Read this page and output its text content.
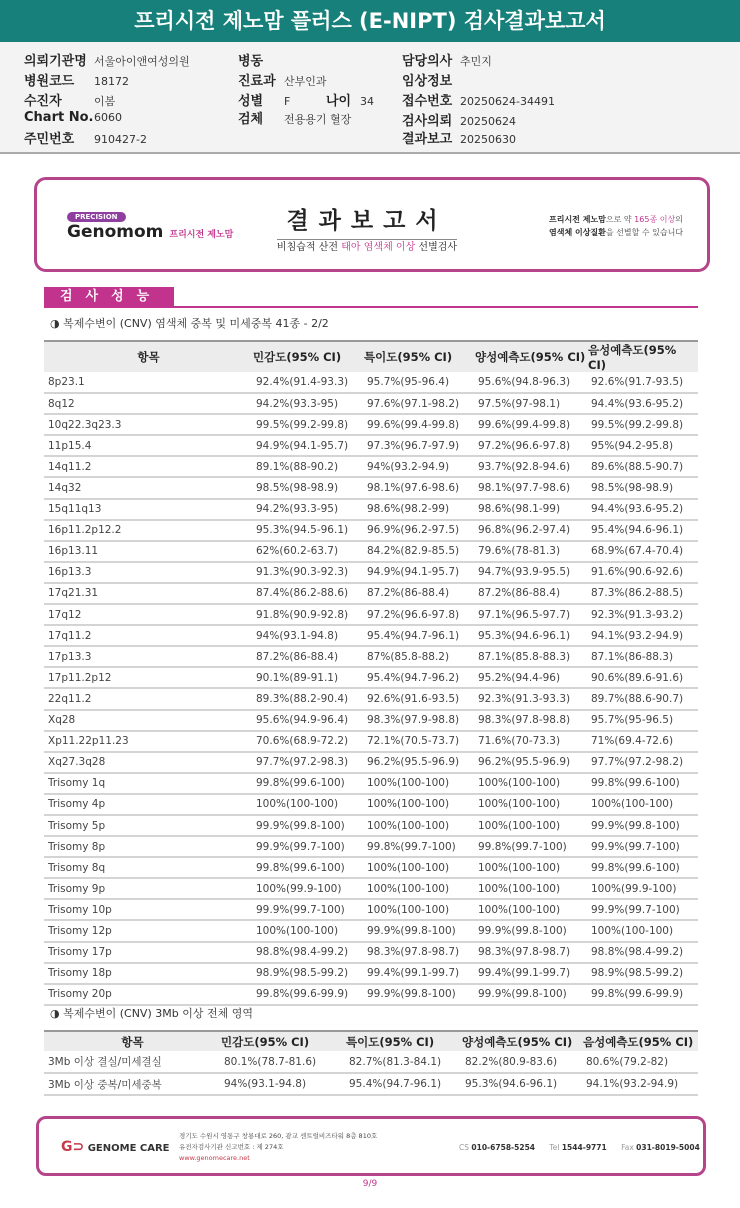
프리시전 제노맘 플러스 (E-NIPT) 검사결과보고서
의뢰기관명 서울아이앤여성의원
병원코드 18172
수진자	이봄
Chart No.6060
주민번호 910427-2
병동
진료과 산부인과
성별 F	나이 34
검체 전용용기 혈장
담당의사 추민지
임상정보
접수번호 20250624-34491
검사의뢰 20250624
결과보고 20250630
PRECISION
Genomom 프리시전 제노맘
결과보고서
비침습적 산전 태아 염색체 이상 선별검사
프리시전 제노맘으로 약 165종 이상의
염색체 이상질환을 선별할 수 있습니다
검사성능
◑ 복제수변이 (CNV) 염색체 중복 및 미세중복 41종 - 2/2
항목	민감도(95% CI)	특이도(95% CI)	양성예측도(95% CI)	음성예측도(95% CI)
8p23.1	92.4%(91.4-93.3)	95.7%(95-96.4)	95.6%(94.8-96.3)	92.6%(91.7-93.5)
8q12	94.2%(93.3-95)	97.6%(97.1-98.2)	97.5%(97-98.1)	94.4%(93.6-95.2)
10q22.3q23.3	99.5%(99.2-99.8)	99.6%(99.4-99.8)	99.6%(99.4-99.8)	99.5%(99.2-99.8)
11p15.4	94.9%(94.1-95.7)	97.3%(96.7-97.9)	97.2%(96.6-97.8)	95%(94.2-95.8)
14q11.2	89.1%(88-90.2)	94%(93.2-94.9)	93.7%(92.8-94.6)	89.6%(88.5-90.7)
14q32	98.5%(98-98.9)	98.1%(97.6-98.6)	98.1%(97.7-98.6)	98.5%(98-98.9)
15q11q13	94.2%(93.3-95)	98.6%(98.2-99)	98.6%(98.1-99)	94.4%(93.6-95.2)
16p11.2p12.2	95.3%(94.5-96.1)	96.9%(96.2-97.5)	96.8%(96.2-97.4)	95.4%(94.6-96.1)
16p13.11	62%(60.2-63.7)	84.2%(82.9-85.5)	79.6%(78-81.3)	68.9%(67.4-70.4)
16p13.3	91.3%(90.3-92.3)	94.9%(94.1-95.7)	94.7%(93.9-95.5)	91.6%(90.6-92.6)
17q21.31	87.4%(86.2-88.6)	87.2%(86-88.4)	87.2%(86-88.4)	87.3%(86.2-88.5)
17q12	91.8%(90.9-92.8)	97.2%(96.6-97.8)	97.1%(96.5-97.7)	92.3%(91.3-93.2)
17q11.2	94%(93.1-94.8)	95.4%(94.7-96.1)	95.3%(94.6-96.1)	94.1%(93.2-94.9)
17p13.3	87.2%(86-88.4)	87%(85.8-88.2)	87.1%(85.8-88.3)	87.1%(86-88.3)
17p11.2p12	90.1%(89-91.1)	95.4%(94.7-96.2)	95.2%(94.4-96)	90.6%(89.6-91.6)
22q11.2	89.3%(88.2-90.4)	92.6%(91.6-93.5)	92.3%(91.3-93.3)	89.7%(88.6-90.7)
Xq28	95.6%(94.9-96.4)	98.3%(97.9-98.8)	98.3%(97.8-98.8)	95.7%(95-96.5)
Xp11.22p11.23	70.6%(68.9-72.2)	72.1%(70.5-73.7)	71.6%(70-73.3)	71%(69.4-72.6)
Xq27.3q28	97.7%(97.2-98.3)	96.2%(95.5-96.9)	96.2%(95.5-96.9)	97.7%(97.2-98.2)
Trisomy 1q	99.8%(99.6-100)	100%(100-100)	100%(100-100)	99.8%(99.6-100)
Trisomy 4p	100%(100-100)	100%(100-100)	100%(100-100)	100%(100-100)
Trisomy 5p	99.9%(99.8-100)	100%(100-100)	100%(100-100)	99.9%(99.8-100)
Trisomy 8p	99.9%(99.7-100)	99.8%(99.7-100)	99.8%(99.7-100)	99.9%(99.7-100)
Trisomy 8q	99.8%(99.6-100)	100%(100-100)	100%(100-100)	99.8%(99.6-100)
Trisomy 9p	100%(99.9-100)	100%(100-100)	100%(100-100)	100%(99.9-100)
Trisomy 10p	99.9%(99.7-100)	100%(100-100)	100%(100-100)	99.9%(99.7-100)
Trisomy 12p	100%(100-100)	99.9%(99.8-100)	99.9%(99.8-100)	100%(100-100)
Trisomy 17p	98.8%(98.4-99.2)	98.3%(97.8-98.7)	98.3%(97.8-98.7)	98.8%(98.4-99.2)
Trisomy 18p	98.9%(98.5-99.2)	99.4%(99.1-99.7)	99.4%(99.1-99.7)	98.9%(98.5-99.2)
Trisomy 20p	99.8%(99.6-99.9)	99.9%(99.8-100)	99.9%(99.8-100)	99.8%(99.6-99.9)
◑ 복제수변이 (CNV) 3Mb 이상 전체 영역
항목	민감도(95% CI)	특이도(95% CI)	양성예측도(95% CI)	음성예측도(95% CI)
3Mb 이상 결실/미세결실	80.1%(78.7-81.6)	82.7%(81.3-84.1)	82.2%(80.9-83.6)	80.6%(79.2-82)
3Mb 이상 중복/미세중복	94%(93.1-94.8)	95.4%(94.7-96.1)	95.3%(94.6-96.1)	94.1%(93.2-94.9)
G⊃ GENOME CARE
경기도 수원시 영통구 창룡대로 260, 광교 센트럴비즈타워 8층 810호
유전자검사기관 신고번호 : 제 274호
www.genomecare.net
CS 010-6758-5254 Tel 1544-9771 Fax 031-8019-5004
9/9
